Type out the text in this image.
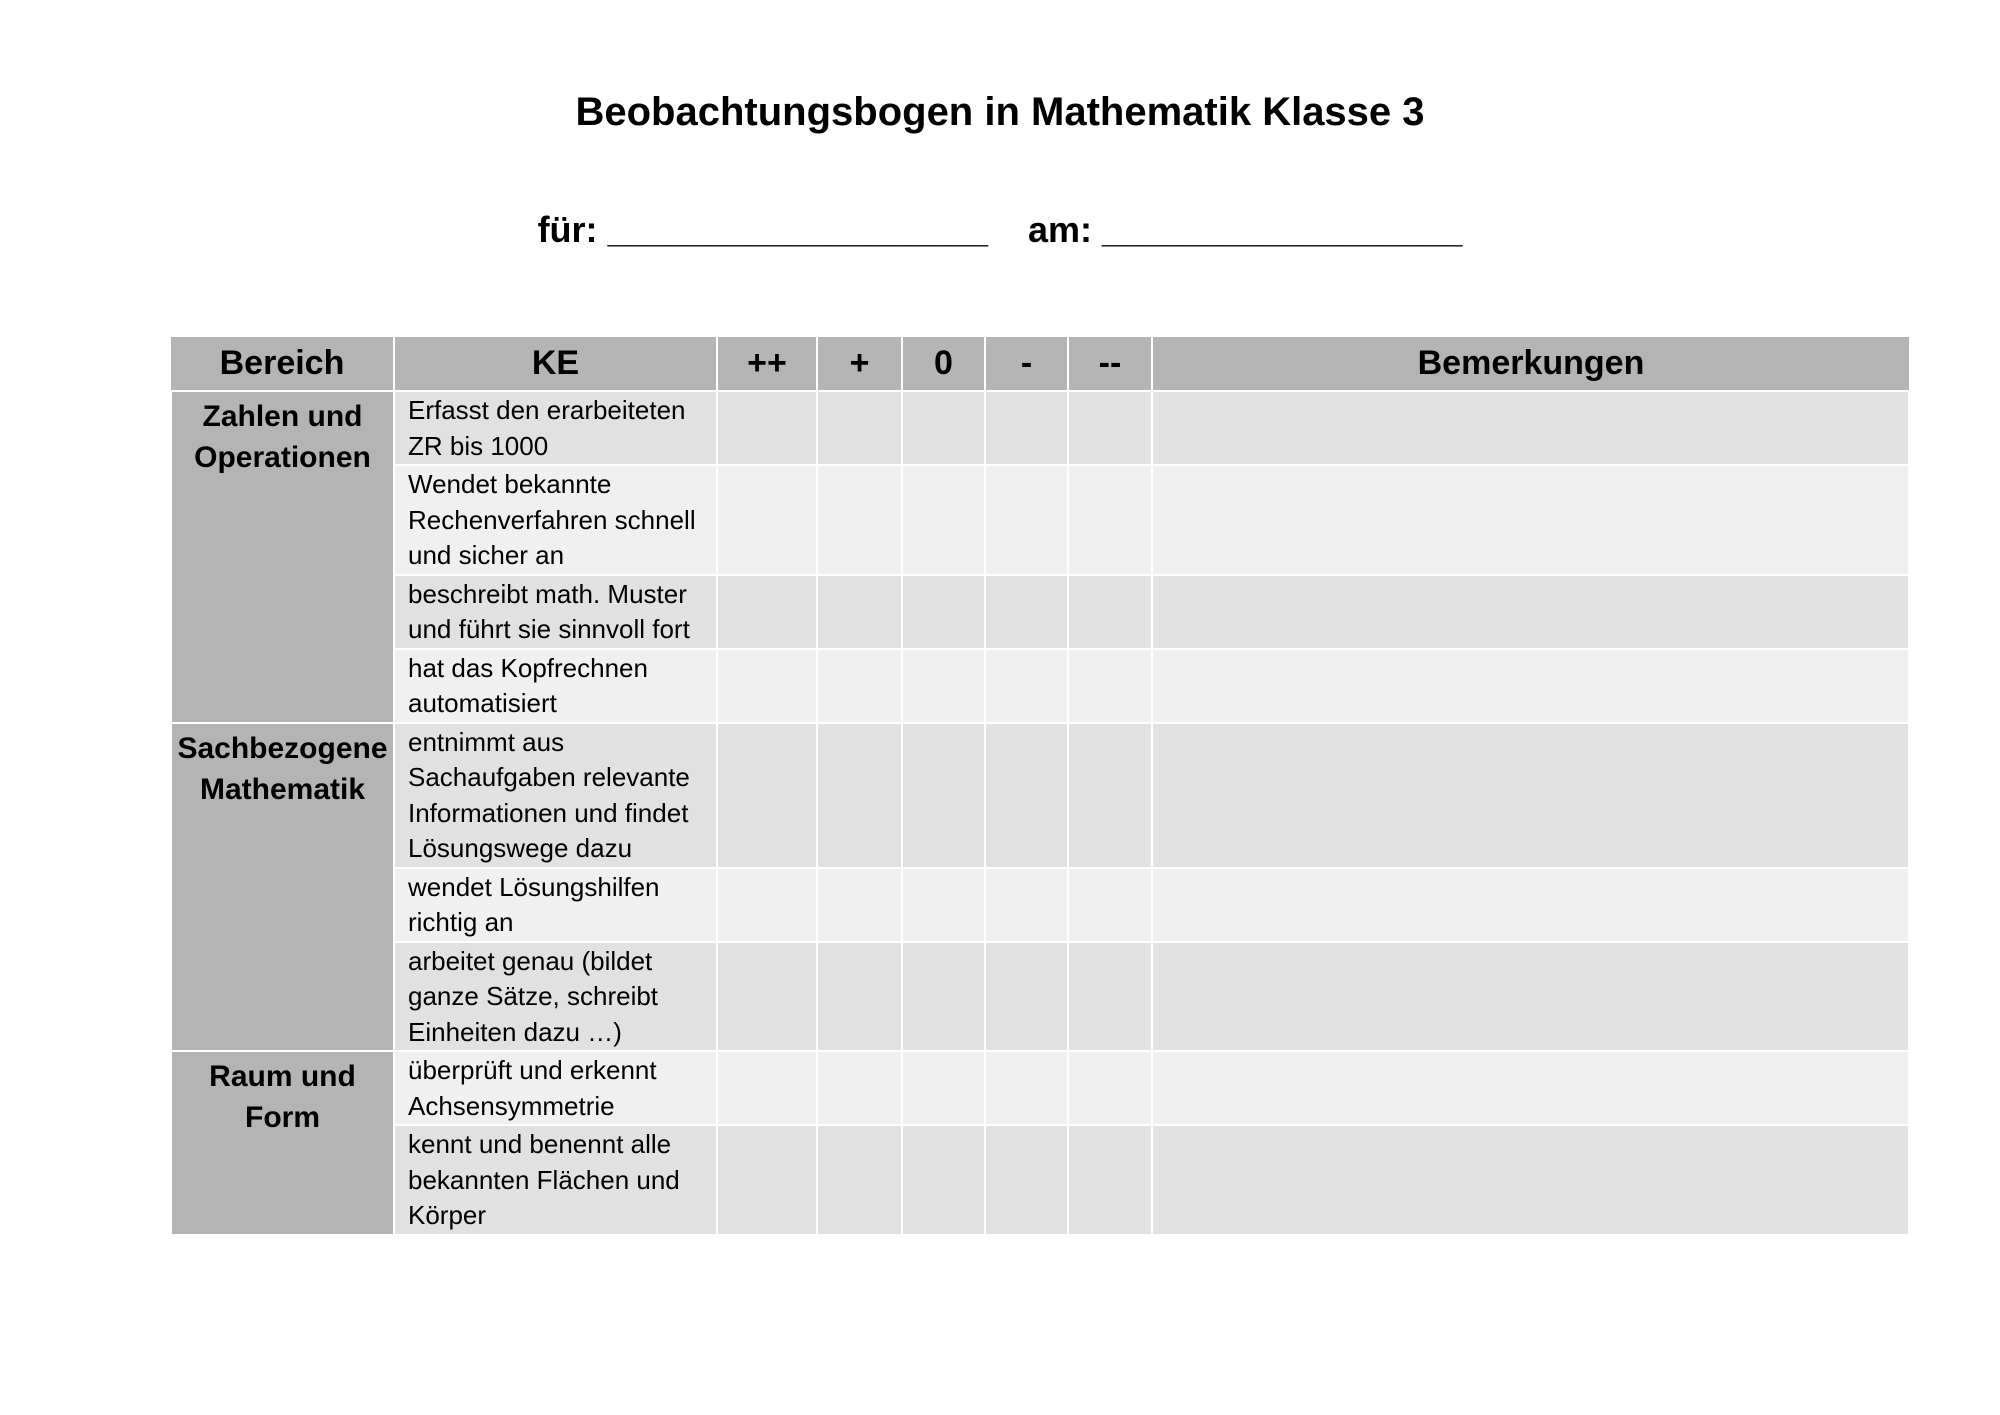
Beobachtungsbogen in Mathematik Klasse 3
für: ___________________ am: __________________
Bereich	KE	++	+	0	-	--	Bemerkungen
Zahlen und Operationen	Erfasst den erarbeiteten ZR bis 1000						
	Wendet bekannte Rechenverfahren schnell und sicher an						
	beschreibt math. Muster und führt sie sinnvoll fort						
	hat das Kopfrechnen automatisiert						
Sachbezogene Mathematik	entnimmt aus Sachaufgaben relevante Informationen und findet Lösungswege dazu						
	wendet Lösungshilfen richtig an						
	arbeitet genau (bildet ganze Sätze, schreibt Einheiten dazu …)						
Raum und Form	überprüft und erkennt Achsensymmetrie						
	kennt und benennt alle bekannten Flächen und Körper						
